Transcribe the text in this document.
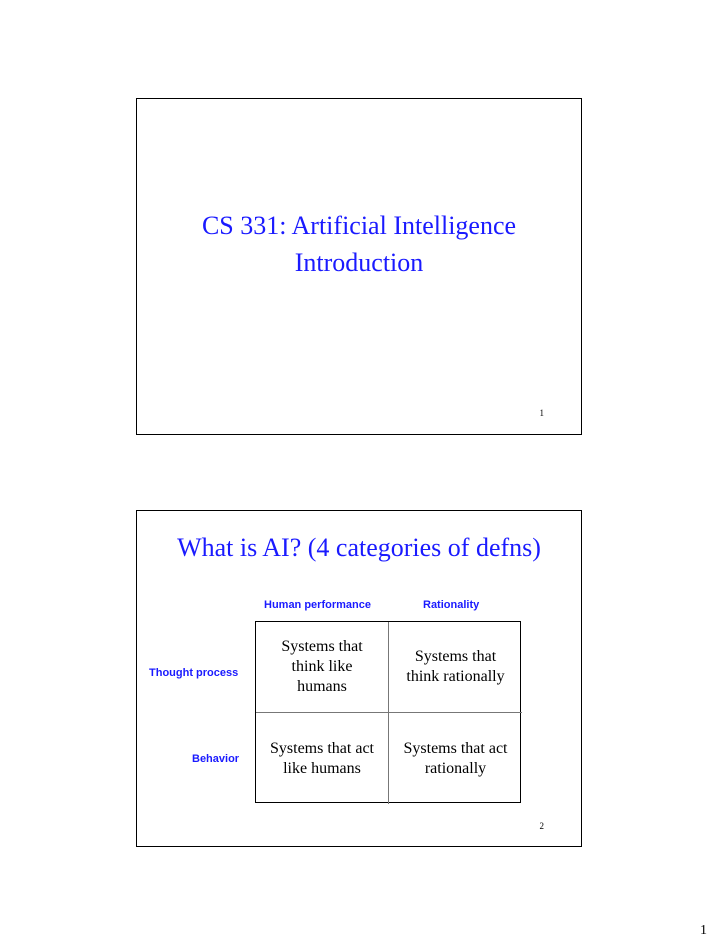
CS 331: Artificial Intelligence
Introduction
1
What is AI? (4 categories of defns)
Human performance	Rationality
Thought process
Behavior
Systems that
think like
humans
Systems that
think rationally
Systems that act
like humans
Systems that act
rationally
2
1
